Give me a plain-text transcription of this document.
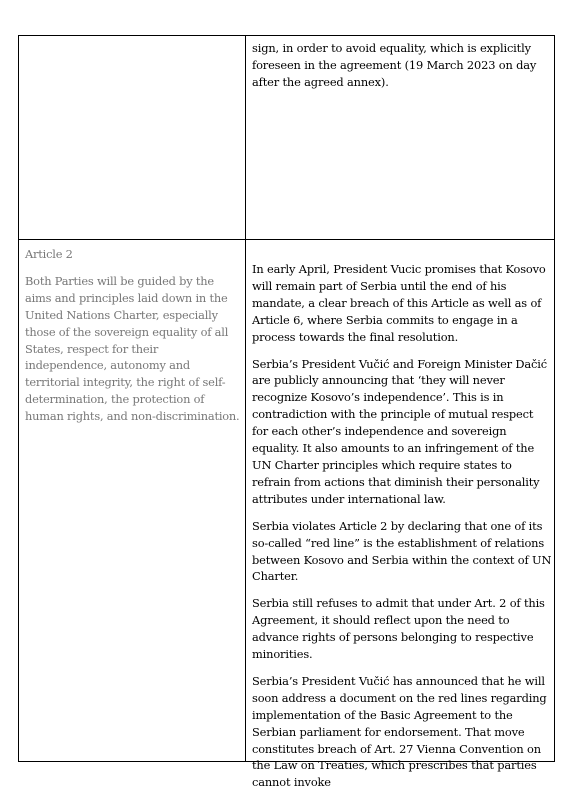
sign, in order to avoid equality, which is explicitly foreseen in the agreement (19 March 2023 on day after the agreed annex).

Article 2

Both Parties will be guided by the aims and principles laid down in the United Nations Charter, especially those of the sovereign equality of all States, respect for their independence, autonomy and territorial integrity, the right of self-determination, the protection of human rights, and non-discrimination.

In early April, President Vucic promises that Kosovo will remain part of Serbia until the end of his mandate, a clear breach of this Article as well as of Article 6, where Serbia commits to engage in a process towards the final resolution.

Serbia’s President Vučić and Foreign Minister Dačić are publicly announcing that ‘they will never recognize Kosovo’s independence’. This is in contradiction with the principle of mutual respect for each other’s independence and sovereign equality. It also amounts to an infringement of the UN Charter principles which require states to refrain from actions that diminish their personality attributes under international law.

Serbia violates Article 2 by declaring that one of its so-called “red line” is the establishment of relations between Kosovo and Serbia within the context of UN Charter.

Serbia still refuses to admit that under Art. 2 of this Agreement, it should reflect upon the need to advance rights of persons belonging to respective minorities.

Serbia’s President Vučić has announced that he will soon address a document on the red lines regarding implementation of the Basic Agreement to the Serbian parliament for endorsement. That move constitutes breach of Art. 27 Vienna Convention on the Law on Treaties, which prescribes that parties cannot invoke
